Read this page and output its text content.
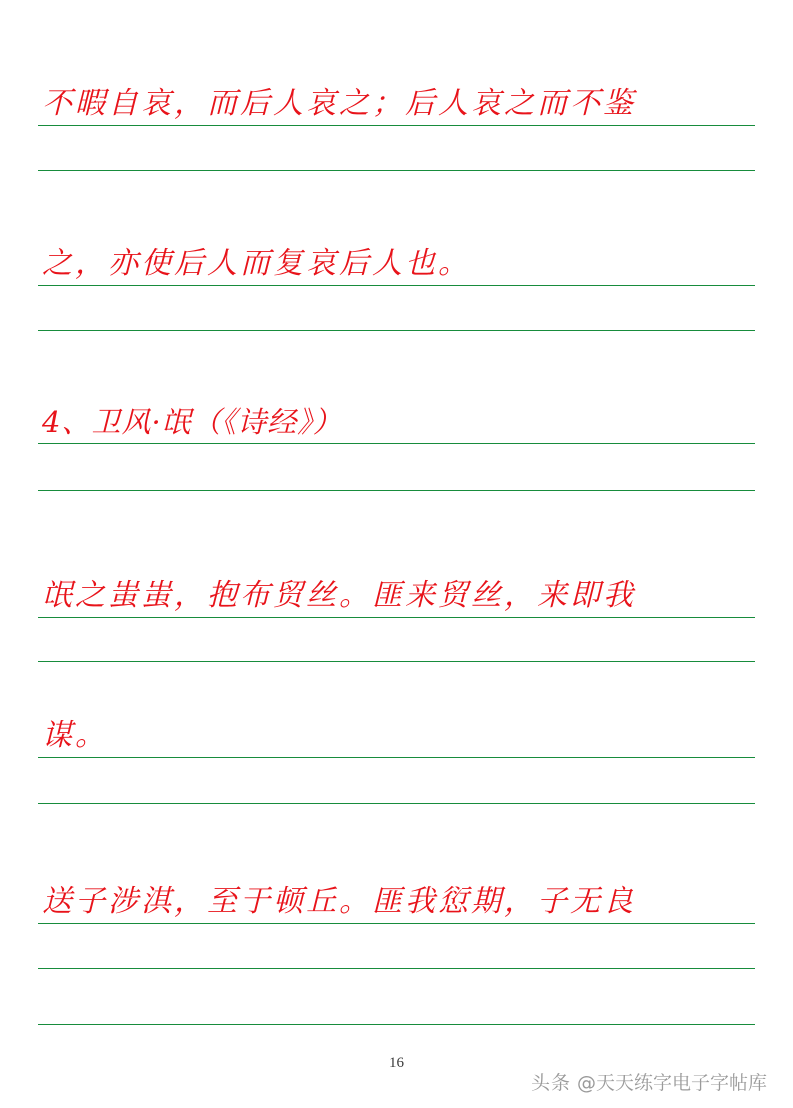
不暇自哀，而后人哀之；后人哀之而不鉴
之，亦使后人而复哀后人也。
4、卫风·氓（《诗经》）
氓之蚩蚩，抱布贸丝。匪来贸丝，来即我
谋。
送子涉淇，至于顿丘。匪我愆期，子无良
16
头条 @天天练字电子字帖库
